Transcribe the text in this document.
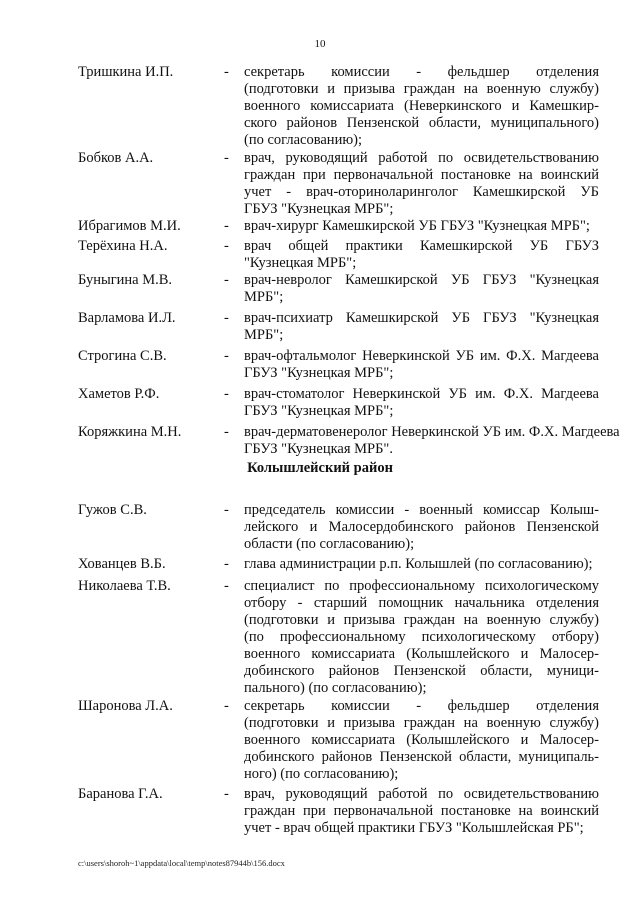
10
Тришкина И.П.	- секретарь комиссии - фельдшер отделения
(подготовки и призыва граждан на военную службу)
военного комиссариата (Неверкинского и Камешкир-
ского районов Пензенской области, муниципального)
(по согласованию);
Бобков А.А.	- врач, руководящий работой по освидетельствованию
граждан при первоначальной постановке на воинский
учет - врач-оториноларинголог Камешкирской УБ
ГБУЗ "Кузнецкая МРБ";
Ибрагимов М.И.	- врач-хирург Камешкирской УБ ГБУЗ "Кузнецкая МРБ";
Терёхина Н.А.	- врач общей практики Камешкирской УБ ГБУЗ
"Кузнецкая МРБ";
Буныгина М.В.	- врач-невролог Камешкирской УБ ГБУЗ "Кузнецкая
МРБ";
Варламова И.Л.	- врач-психиатр Камешкирской УБ ГБУЗ "Кузнецкая
МРБ";
Строгина С.В.	- врач-офтальмолог Неверкинской УБ им. Ф.Х. Магдеева
ГБУЗ "Кузнецкая МРБ";
Хаметов Р.Ф.	- врач-стоматолог Неверкинской УБ им. Ф.Х. Магдеева
ГБУЗ "Кузнецкая МРБ";
Коряжкина М.Н.	- врач-дерматовенеролог Неверкинской УБ им. Ф.Х. Магдеева
ГБУЗ "Кузнецкая МРБ".
Гужов С.В.	- председатель комиссии - военный комиссар Колыш-
лейского и Малосердобинского районов Пензенской
области (по согласованию);
Хованцев В.Б.	- глава администрации р.п. Колышлей (по согласованию);
Николаева Т.В.	- специалист по профессиональному психологическому
отбору - старший помощник начальника отделения
(подготовки и призыва граждан на военную службу)
(по профессиональному психологическому отбору)
военного комиссариата (Колышлейского и Малосер-
добинского районов Пензенской области, муници-
пального) (по согласованию);
Шаронова Л.А.	- секретарь комиссии - фельдшер отделения
(подготовки и призыва граждан на военную службу)
военного комиссариата (Колышлейского и Малосер-
добинского районов Пензенской области, муниципаль-
ного) (по согласованию);
Баранова Г.А.	- врач, руководящий работой по освидетельствованию
граждан при первоначальной постановке на воинский
учет - врач общей практики ГБУЗ "Колышлейская РБ";
Колышлейский район
c:\users\shoroh~1\appdata\local\temp\notes87944b\156.docx
